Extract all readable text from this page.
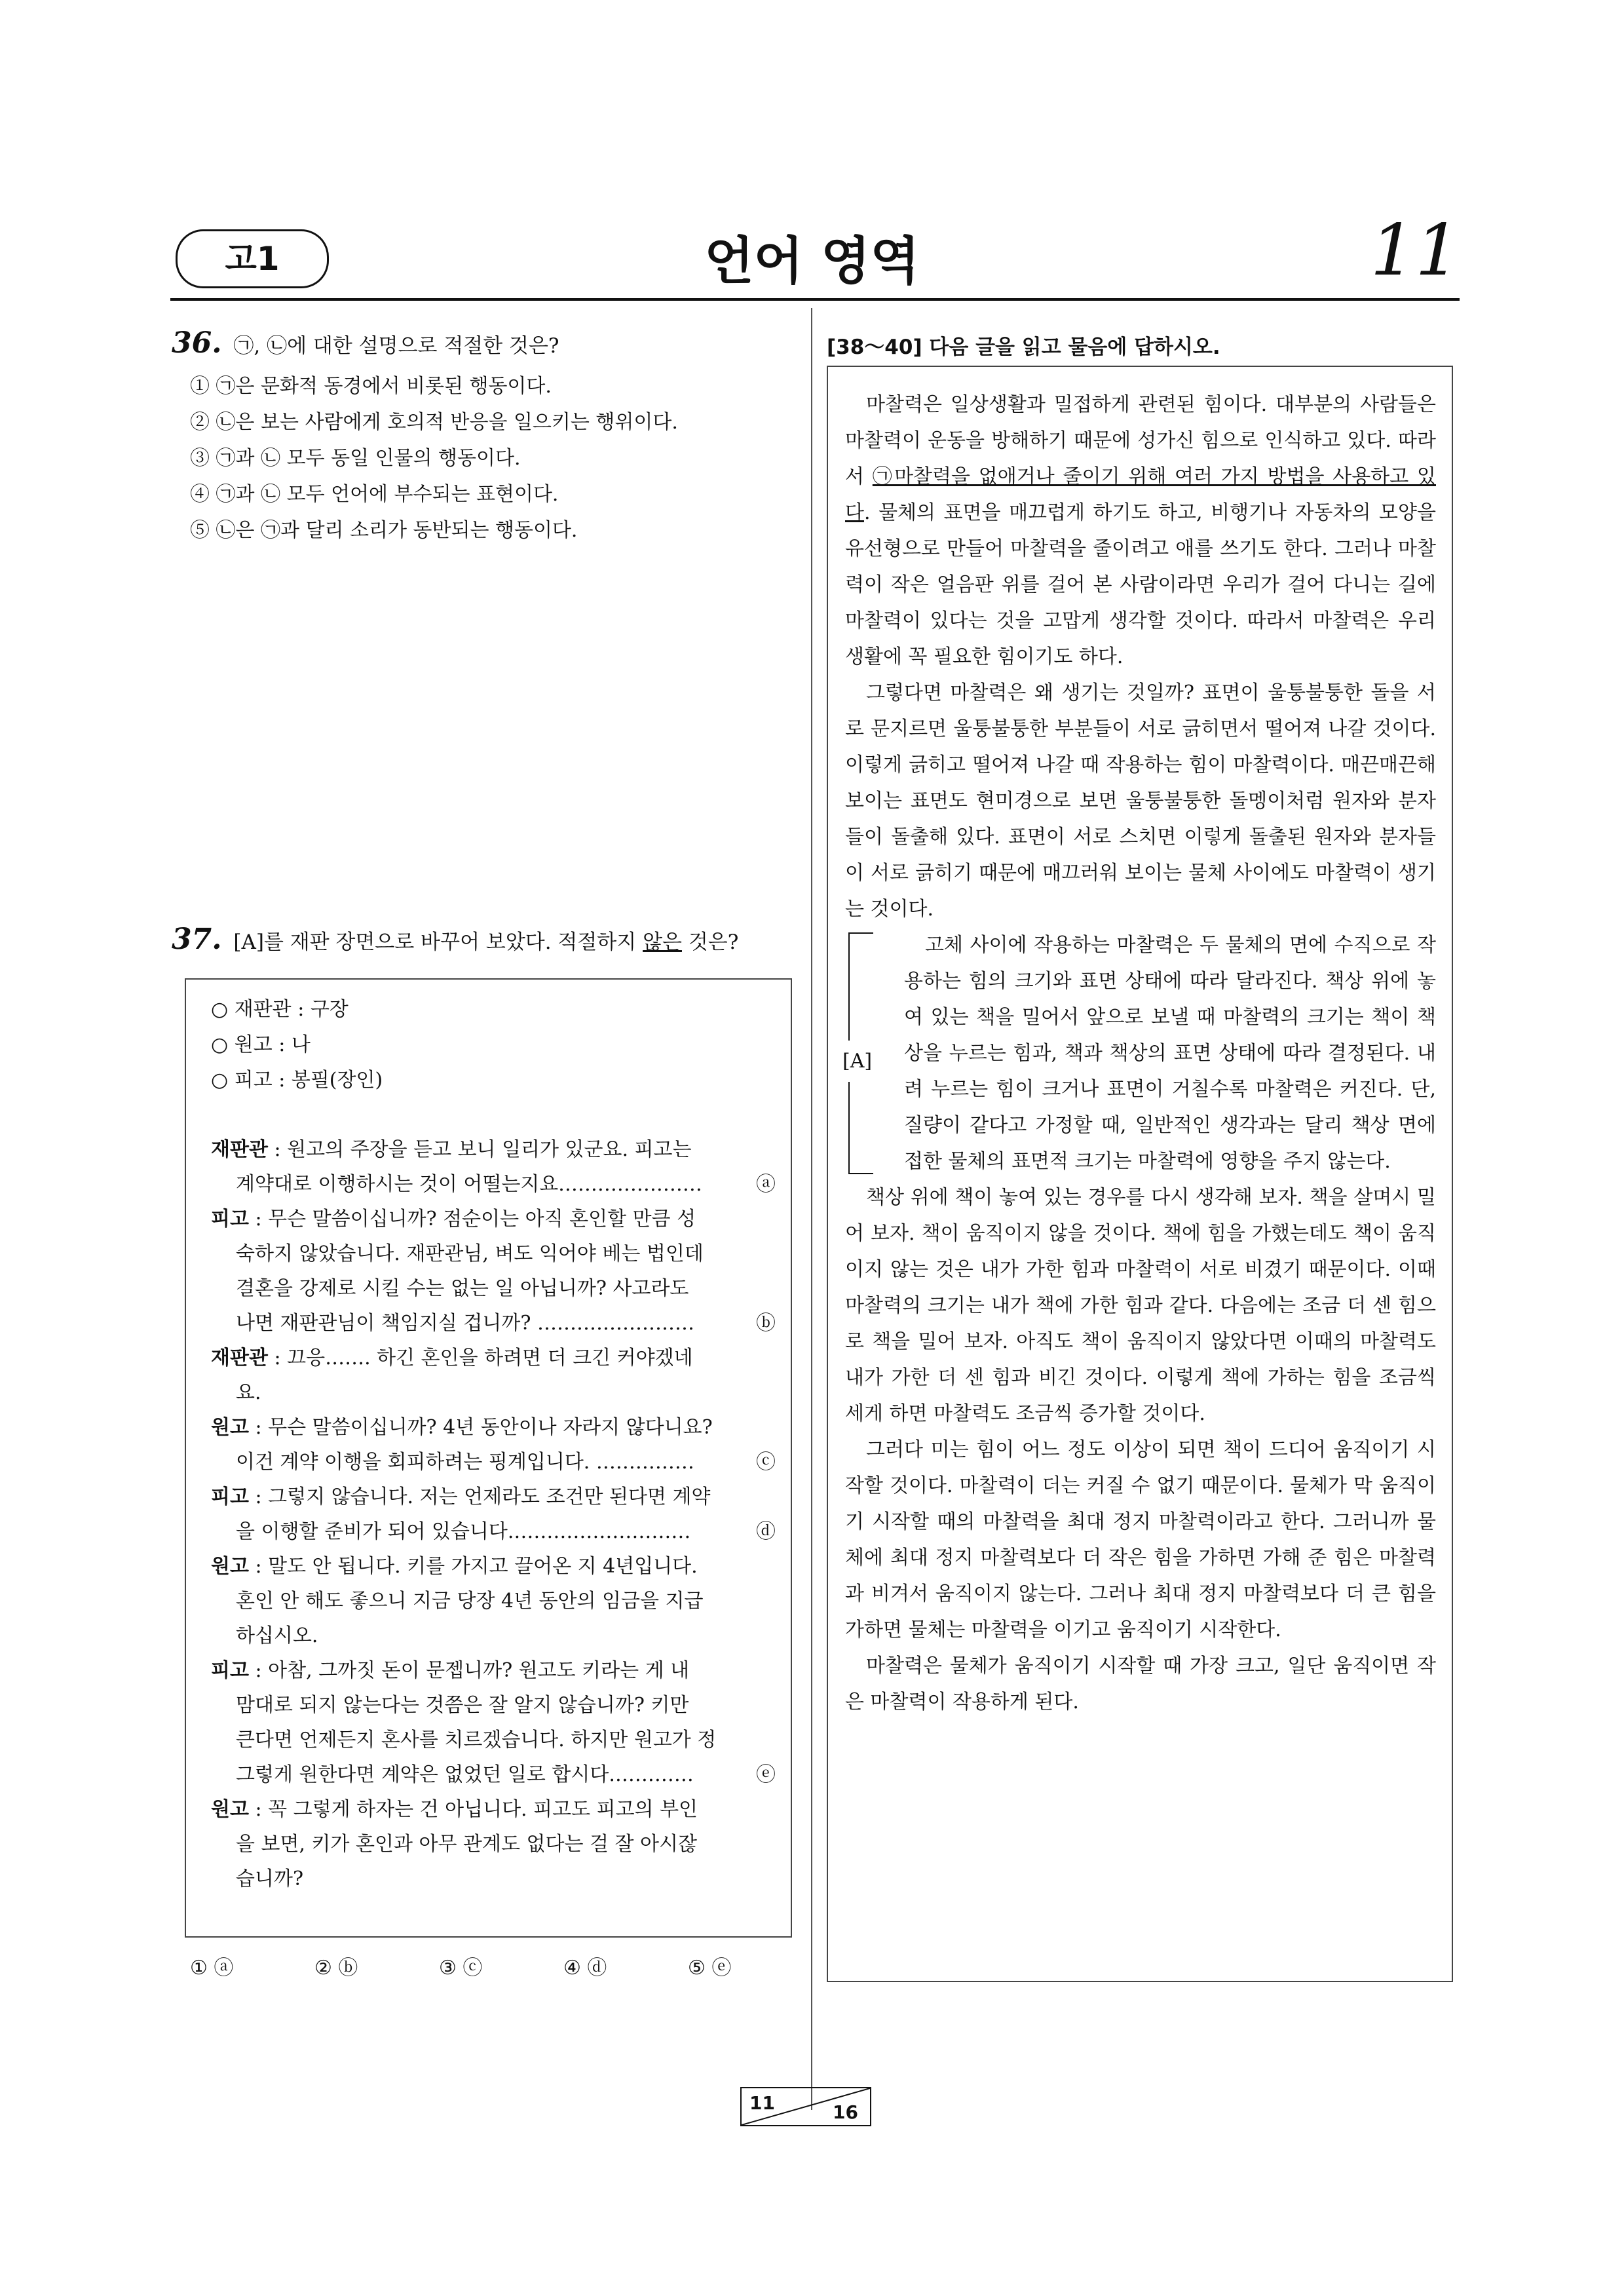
고1	언어 영역	11
36. ㉠, ㉡에 대한 설명으로 적절한 것은?
① ㉠은 문화적 동경에서 비롯된 행동이다.
② ㉡은 보는 사람에게 호의적 반응을 일으키는 행위이다.
③ ㉠과 ㉡ 모두 동일 인물의 행동이다.
④ ㉠과 ㉡ 모두 언어에 부수되는 표현이다.
⑤ ㉡은 ㉠과 달리 소리가 동반되는 행동이다.
37. [A]를 재판 장면으로 바꾸어 보았다. 적절하지 않은 것은?
○ 재판관 : 구장
○ 원고 : 나
○ 피고 : 봉필(장인)
재판관 : 원고의 주장을 듣고 보니 일리가 있군요. 피고는
계약대로 이행하시는 것이 어떨는지요.…………………	ⓐ
피고 : 무슨 말씀이십니까? 점순이는 아직 혼인할 만큼 성
숙하지 않았습니다. 재판관님, 벼도 익어야 베는 법인데
결혼을 강제로 시킬 수는 없는 일 아닙니까? 사고라도
나면 재판관님이 책임지실 겁니까? ……………………	ⓑ
재판관 : 끄응……. 하긴 혼인을 하려면 더 크긴 커야겠네
요.
원고 : 무슨 말씀이십니까? 4년 동안이나 자라지 않다니요?
이건 계약 이행을 회피하려는 핑계입니다. ……………	ⓒ
피고 : 그렇지 않습니다. 저는 언제라도 조건만 된다면 계약
을 이행할 준비가 되어 있습니다.………………………	ⓓ
원고 : 말도 안 됩니다. 키를 가지고 끌어온 지 4년입니다.
혼인 안 해도 좋으니 지금 당장 4년 동안의 임금을 지급
하십시오.
피고 : 아참, 그까짓 돈이 문젭니까? 원고도 키라는 게 내
맘대로 되지 않는다는 것쯤은 잘 알지 않습니까? 키만
큰다면 언제든지 혼사를 치르겠습니다. 하지만 원고가 정
그렇게 원한다면 계약은 없었던 일로 합시다.…………	ⓔ
원고 : 꼭 그렇게 하자는 건 아닙니다. 피고도 피고의 부인
을 보면, 키가 혼인과 아무 관계도 없다는 걸 잘 아시잖
습니까?
① ⓐ	② ⓑ	③ ⓒ	④ ⓓ	⑤ ⓔ
[38～40] 다음 글을 읽고 물음에 답하시오.

마찰력은 일상생활과 밀접하게 관련된 힘이다. 대부분의 사람들은 마찰력이 운동을 방해하기 때문에 성가신 힘으로 인식하고 있다. 따라서 ㉠마찰력을 없애거나 줄이기 위해 여러 가지 방법을 사용하고 있다. 물체의 표면을 매끄럽게 하기도 하고, 비행기나 자동차의 모양을 유선형으로 만들어 마찰력을 줄이려고 애를 쓰기도 한다. 그러나 마찰력이 작은 얼음판 위를 걸어 본 사람이라면 우리가 걸어 다니는 길에 마찰력이 있다는 것을 고맙게 생각할 것이다. 따라서 마찰력은 우리 생활에 꼭 필요한 힘이기도 하다.

그렇다면 마찰력은 왜 생기는 것일까? 표면이 울퉁불퉁한 돌을 서로 문지르면 울퉁불퉁한 부분들이 서로 긁히면서 떨어져 나갈 것이다. 이렇게 긁히고 떨어져 나갈 때 작용하는 힘이 마찰력이다. 매끈매끈해 보이는 표면도 현미경으로 보면 울퉁불퉁한 돌멩이처럼 원자와 분자들이 돌출해 있다. 표면이 서로 스치면 이렇게 돌출된 원자와 분자들이 서로 긁히기 때문에 매끄러워 보이는 물체 사이에도 마찰력이 생기는 것이다.

[A]
고체 사이에 작용하는 마찰력은 두 물체의 면에 수직으로 작용하는 힘의 크기와 표면 상태에 따라 달라진다. 책상 위에 놓여 있는 책을 밀어서 앞으로 보낼 때 마찰력의 크기는 책이 책상을 누르는 힘과, 책과 책상의 표면 상태에 따라 결정된다. 내려 누르는 힘이 크거나 표면이 거칠수록 마찰력은 커진다. 단, 질량이 같다고 가정할 때, 일반적인 생각과는 달리 책상 면에 접한 물체의 표면적 크기는 마찰력에 영향을 주지 않는다.

책상 위에 책이 놓여 있는 경우를 다시 생각해 보자. 책을 살며시 밀어 보자. 책이 움직이지 않을 것이다. 책에 힘을 가했는데도 책이 움직이지 않는 것은 내가 가한 힘과 마찰력이 서로 비겼기 때문이다. 이때 마찰력의 크기는 내가 책에 가한 힘과 같다. 다음에는 조금 더 센 힘으로 책을 밀어 보자. 아직도 책이 움직이지 않았다면 이때의 마찰력도 내가 가한 더 센 힘과 비긴 것이다. 이렇게 책에 가하는 힘을 조금씩 세게 하면 마찰력도 조금씩 증가할 것이다.

그러다 미는 힘이 어느 정도 이상이 되면 책이 드디어 움직이기 시작할 것이다. 마찰력이 더는 커질 수 없기 때문이다. 물체가 막 움직이기 시작할 때의 마찰력을 최대 정지 마찰력이라고 한다. 그러니까 물체에 최대 정지 마찰력보다 더 작은 힘을 가하면 가해 준 힘은 마찰력과 비겨서 움직이지 않는다. 그러나 최대 정지 마찰력보다 더 큰 힘을 가하면 물체는 마찰력을 이기고 움직이기 시작한다.

마찰력은 물체가 움직이기 시작할 때 가장 크고, 일단 움직이면 작은 마찰력이 작용하게 된다.

11	16
